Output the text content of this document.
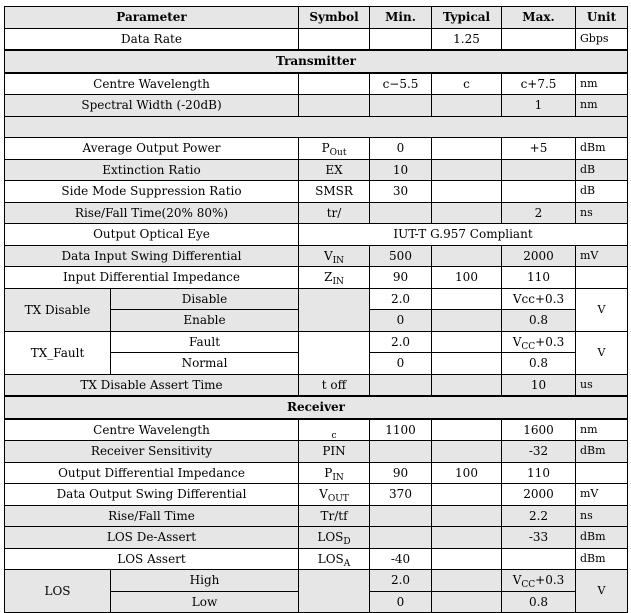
Parameter		Symbol	Min.	Typical	Max.	Unit
Data Rate				1.25		Gbps
Transmitter						
Centre Wavelength			c−5.5	c	c+7.5	nm
Spectral Width (-20dB)					1	nm

Average Output Power		$P_{Out}$	0		+5	dBm
Extinction Ratio		EX	10			dB
Side Mode Suppression Ratio		SMSR	30			dB
Rise/Fall Time(20% 80%)		tr/			2	ns
Output Optical Eye		IUT-T G.957 Compliant				
Data Input Swing Differential		$V_{IN}$	500		2000	mV
Input Differential Impedance		$Z_{IN}$	90	100	110	
TX Disable	Disable		2.0		Vcc+0.3	V
	Enable		0		0.8	
TX_Fault	Fault		2.0		$V_{CC}+0.3$	V
	Normal		0		0.8	
TX Disable Assert Time		t off			10	us
Receiver						
Centre Wavelength		c	1100		1600	nm
Receiver Sensitivity		PIN			-32	dBm
Output Differential Impedance		$P_{IN}$	90	100	110	
Data Output Swing Differential		$V_{OUT}$	370		2000	mV
Rise/Fall Time		Tr/tf			2.2	ns
LOS De-Assert		$LOS_D$			-33	dBm
LOS Assert		$LOS_A$	-40			dBm
LOS	High		2.0		$V_{CC}+0.3$	V
	Low		0		0.8	
